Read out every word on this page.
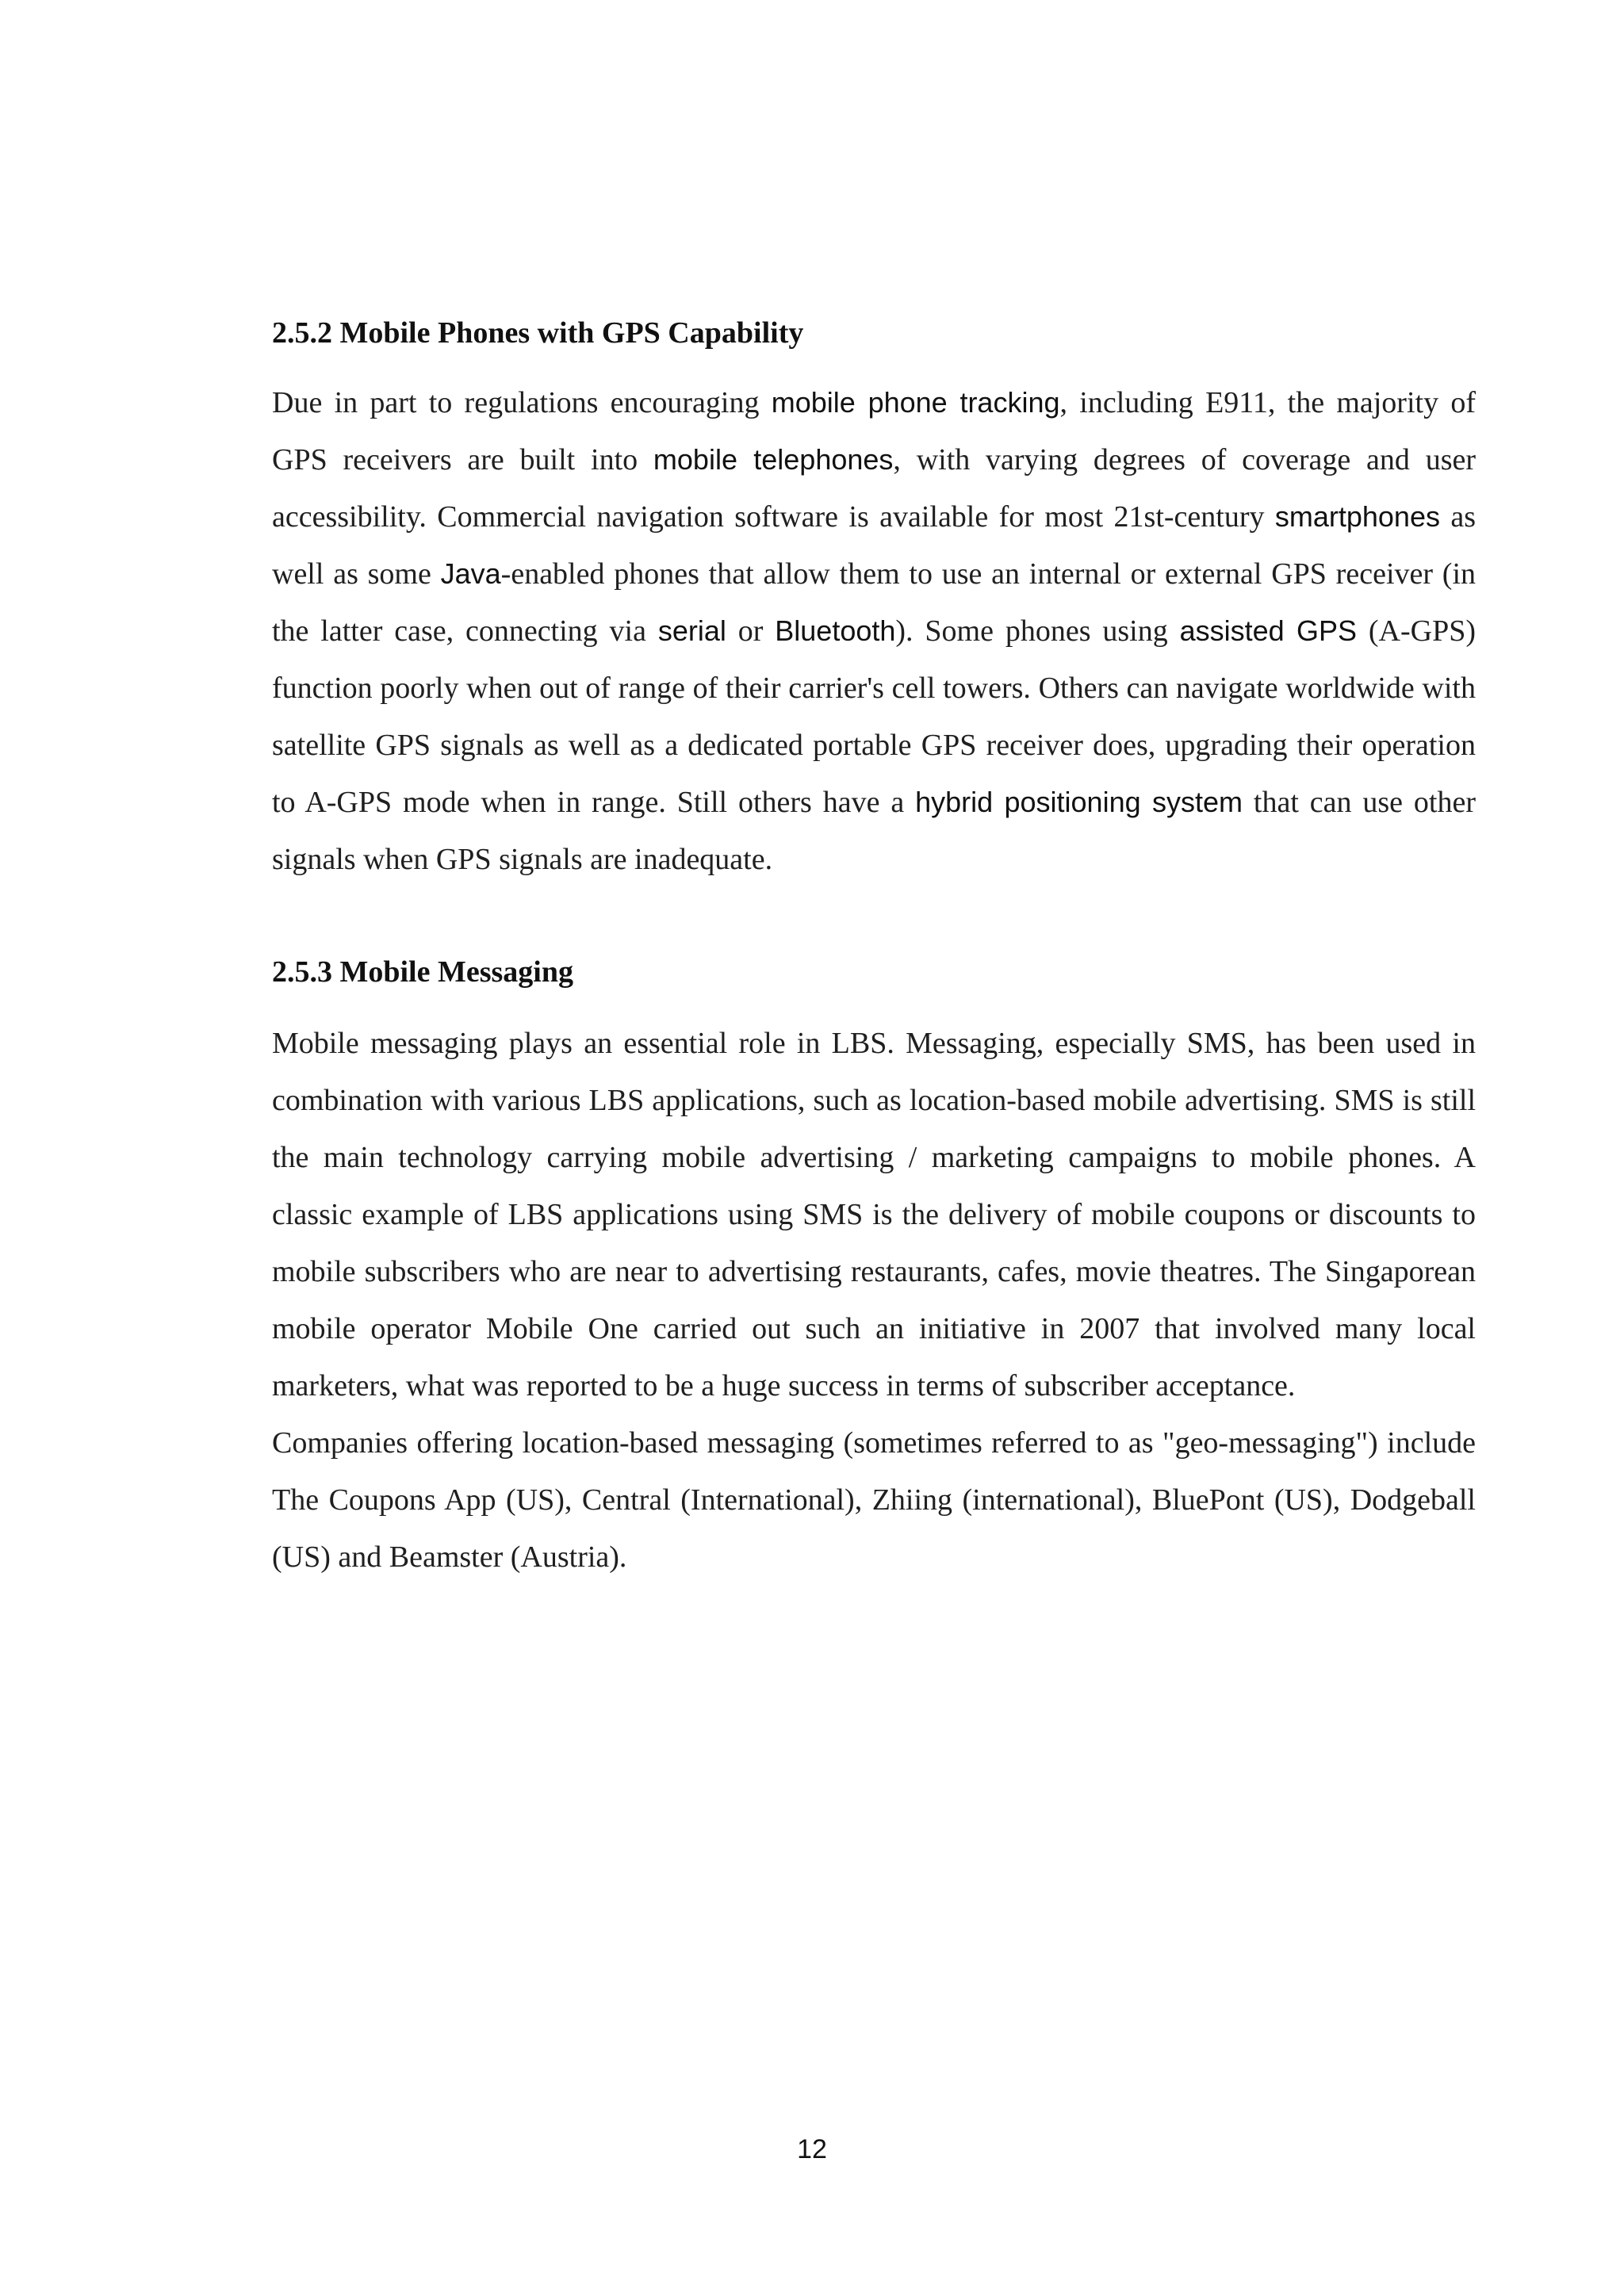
2.5.2 Mobile Phones with GPS Capability

Due in part to regulations encouraging mobile phone tracking, including E911, the majority of GPS receivers are built into mobile telephones, with varying degrees of coverage and user accessibility. Commercial navigation software is available for most 21st-century smartphones as well as some Java-enabled phones that allow them to use an internal or external GPS receiver (in the latter case, connecting via serial or Bluetooth). Some phones using assisted GPS (A-GPS) function poorly when out of range of their carrier's cell towers. Others can navigate worldwide with satellite GPS signals as well as a dedicated portable GPS receiver does, upgrading their operation to A-GPS mode when in range. Still others have a hybrid positioning system that can use other signals when GPS signals are inadequate.

2.5.3 Mobile Messaging

Mobile messaging plays an essential role in LBS. Messaging, especially SMS, has been used in combination with various LBS applications, such as location-based mobile advertising. SMS is still the main technology carrying mobile advertising / marketing campaigns to mobile phones. A classic example of LBS applications using SMS is the delivery of mobile coupons or discounts to mobile subscribers who are near to advertising restaurants, cafes, movie theatres. The Singaporean mobile operator Mobile One carried out such an initiative in 2007 that involved many local marketers, what was reported to be a huge success in terms of subscriber acceptance.

Companies offering location-based messaging (sometimes referred to as "geo-messaging") include The Coupons App (US), Central (International), Zhiing (international), BluePont (US), Dodgeball (US) and Beamster (Austria).

12
